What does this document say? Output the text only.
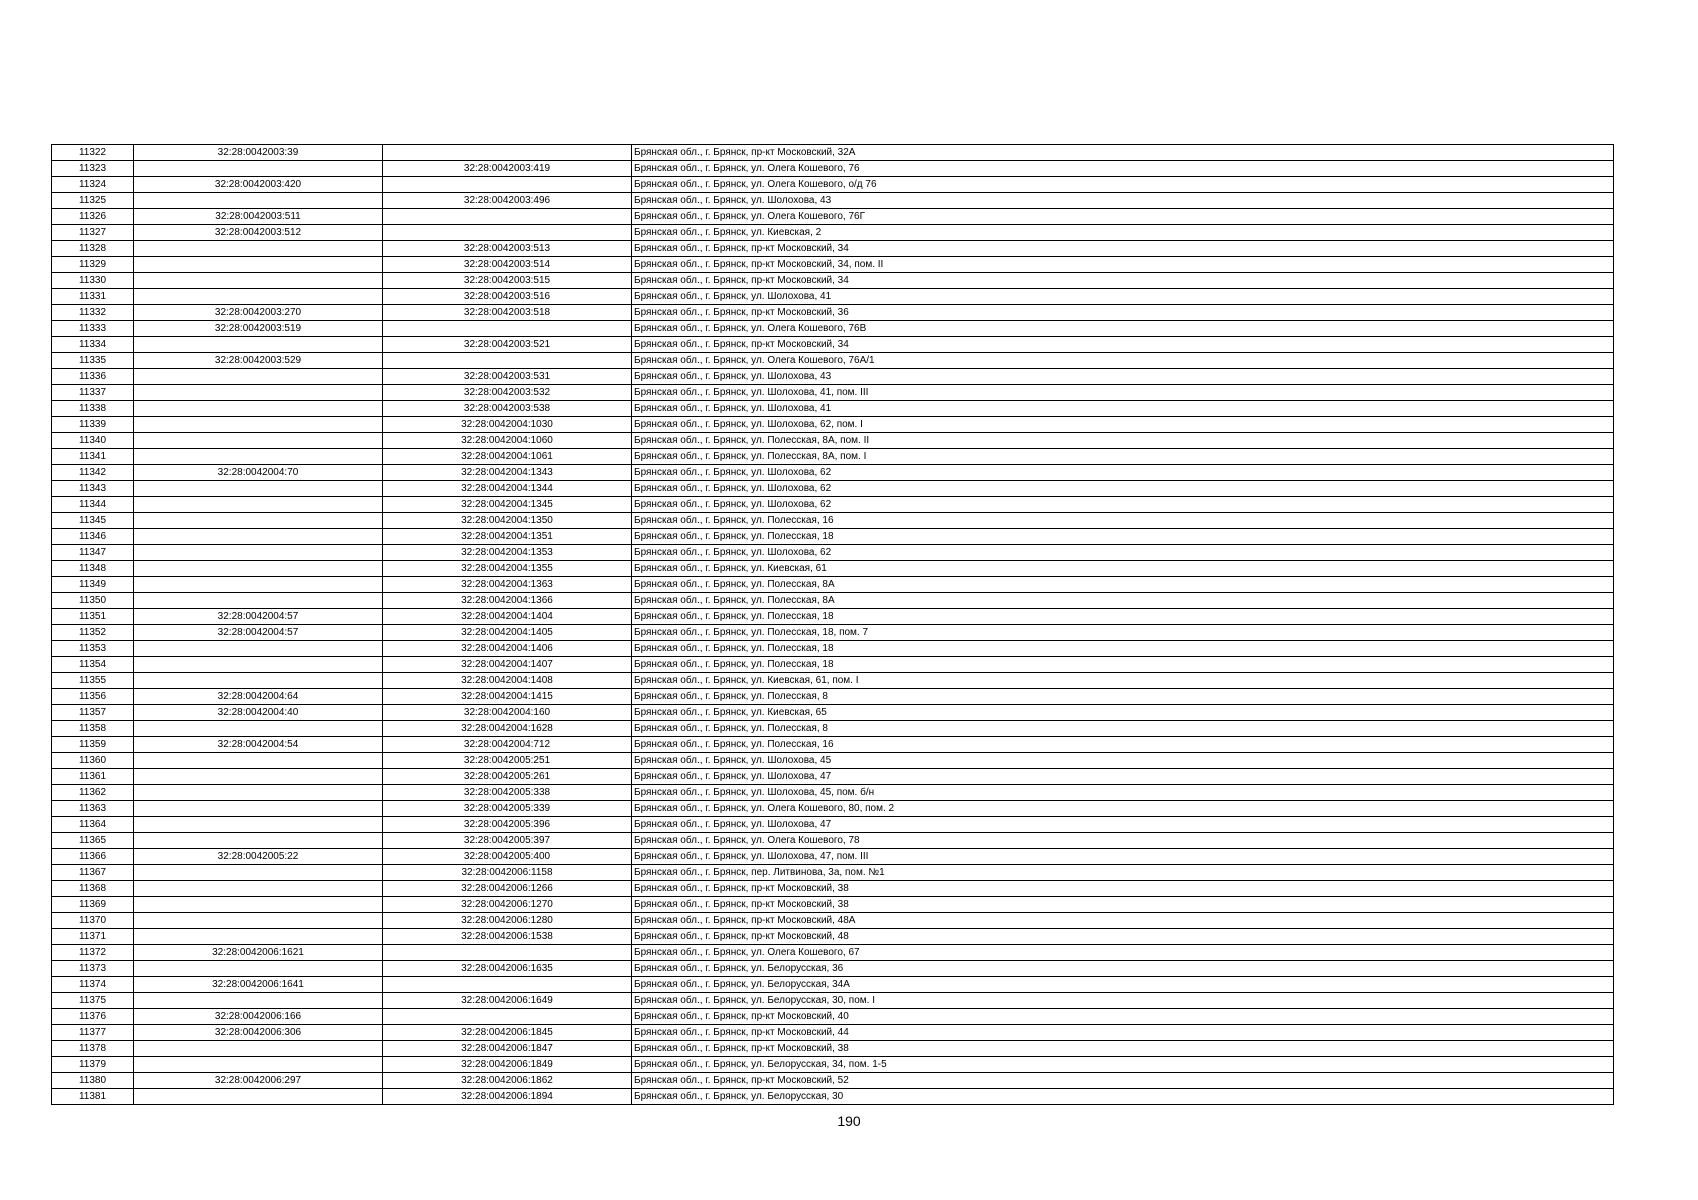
11322	32:28:0042003:39		Брянская обл., г. Брянск, пр-кт Московский, 32А
11323		32:28:0042003:419	Брянская обл., г. Брянск, ул. Олега Кошевого, 76
11324	32:28:0042003:420		Брянская обл., г. Брянск, ул. Олега Кошевого, о/д 76
11325		32:28:0042003:496	Брянская обл., г. Брянск, ул. Шолохова, 43
11326	32:28:0042003:511		Брянская обл., г. Брянск, ул. Олега Кошевого, 76Г
11327	32:28:0042003:512		Брянская обл., г. Брянск, ул. Киевская, 2
11328		32:28:0042003:513	Брянская обл., г. Брянск, пр-кт Московский, 34
11329		32:28:0042003:514	Брянская обл., г. Брянск, пр-кт Московский, 34, пом. II
11330		32:28:0042003:515	Брянская обл., г. Брянск, пр-кт Московский, 34
11331		32:28:0042003:516	Брянская обл., г. Брянск, ул. Шолохова, 41
11332	32:28:0042003:270	32:28:0042003:518	Брянская обл., г. Брянск, пр-кт Московский, 36
11333	32:28:0042003:519		Брянская обл., г. Брянск, ул. Олега Кошевого, 76В
11334		32:28:0042003:521	Брянская обл., г. Брянск, пр-кт Московский, 34
11335	32:28:0042003:529		Брянская обл., г. Брянск, ул. Олега Кошевого, 76А/1
11336		32:28:0042003:531	Брянская обл., г. Брянск, ул. Шолохова, 43
11337		32:28:0042003:532	Брянская обл., г. Брянск, ул. Шолохова, 41, пом. III
11338		32:28:0042003:538	Брянская обл., г. Брянск, ул. Шолохова, 41
11339		32:28:0042004:1030	Брянская обл., г. Брянск, ул. Шолохова, 62, пом. I
11340		32:28:0042004:1060	Брянская обл., г. Брянск, ул. Полесская, 8А, пом. II
11341		32:28:0042004:1061	Брянская обл., г. Брянск, ул. Полесская, 8А, пом. I
11342	32:28:0042004:70	32:28:0042004:1343	Брянская обл., г. Брянск, ул. Шолохова, 62
11343		32:28:0042004:1344	Брянская обл., г. Брянск, ул. Шолохова, 62
11344		32:28:0042004:1345	Брянская обл., г. Брянск, ул. Шолохова, 62
11345		32:28:0042004:1350	Брянская обл., г. Брянск, ул. Полесская, 16
11346		32:28:0042004:1351	Брянская обл., г. Брянск, ул. Полесская, 18
11347		32:28:0042004:1353	Брянская обл., г. Брянск, ул. Шолохова, 62
11348		32:28:0042004:1355	Брянская обл., г. Брянск, ул. Киевская, 61
11349		32:28:0042004:1363	Брянская обл., г. Брянск, ул. Полесская, 8А
11350		32:28:0042004:1366	Брянская обл., г. Брянск, ул. Полесская, 8А
11351	32:28:0042004:57	32:28:0042004:1404	Брянская обл., г. Брянск, ул. Полесская, 18
11352	32:28:0042004:57	32:28:0042004:1405	Брянская обл., г. Брянск, ул. Полесская, 18, пом. 7
11353		32:28:0042004:1406	Брянская обл., г. Брянск, ул. Полесская, 18
11354		32:28:0042004:1407	Брянская обл., г. Брянск, ул. Полесская, 18
11355		32:28:0042004:1408	Брянская обл., г. Брянск, ул. Киевская, 61, пом. I
11356	32:28:0042004:64	32:28:0042004:1415	Брянская обл., г. Брянск, ул. Полесская, 8
11357	32:28:0042004:40	32:28:0042004:160	Брянская обл., г. Брянск, ул. Киевская, 65
11358		32:28:0042004:1628	Брянская обл., г. Брянск, ул. Полесская, 8
11359	32:28:0042004:54	32:28:0042004:712	Брянская обл., г. Брянск, ул. Полесская, 16
11360		32:28:0042005:251	Брянская обл., г. Брянск, ул. Шолохова, 45
11361		32:28:0042005:261	Брянская обл., г. Брянск, ул. Шолохова, 47
11362		32:28:0042005:338	Брянская обл., г. Брянск, ул. Шолохова, 45, пом. б/н
11363		32:28:0042005:339	Брянская обл., г. Брянск, ул. Олега Кошевого, 80, пом. 2
11364		32:28:0042005:396	Брянская обл., г. Брянск, ул. Шолохова, 47
11365		32:28:0042005:397	Брянская обл., г. Брянск, ул. Олега Кошевого, 78
11366	32:28:0042005:22	32:28:0042005:400	Брянская обл., г. Брянск, ул. Шолохова, 47, пом. III
11367		32:28:0042006:1158	Брянская обл., г. Брянск, пер. Литвинова, 3а, пом. №1
11368		32:28:0042006:1266	Брянская обл., г. Брянск, пр-кт Московский, 38
11369		32:28:0042006:1270	Брянская обл., г. Брянск, пр-кт Московский, 38
11370		32:28:0042006:1280	Брянская обл., г. Брянск, пр-кт Московский, 48А
11371		32:28:0042006:1538	Брянская обл., г. Брянск, пр-кт Московский, 48
11372	32:28:0042006:1621		Брянская обл., г. Брянск, ул. Олега Кошевого, 67
11373		32:28:0042006:1635	Брянская обл., г. Брянск, ул. Белорусская, 36
11374	32:28:0042006:1641		Брянская обл., г. Брянск, ул. Белорусская, 34А
11375		32:28:0042006:1649	Брянская обл., г. Брянск, ул. Белорусская, 30, пом. I
11376	32:28:0042006:166		Брянская обл., г. Брянск, пр-кт Московский, 40
11377	32:28:0042006:306	32:28:0042006:1845	Брянская обл., г. Брянск, пр-кт Московский, 44
11378		32:28:0042006:1847	Брянская обл., г. Брянск, пр-кт Московский, 38
11379		32:28:0042006:1849	Брянская обл., г. Брянск, ул. Белорусская, 34, пом. 1-5
11380	32:28:0042006:297	32:28:0042006:1862	Брянская обл., г. Брянск, пр-кт Московский, 52
11381		32:28:0042006:1894	Брянская обл., г. Брянск, ул. Белорусская, 30
190
